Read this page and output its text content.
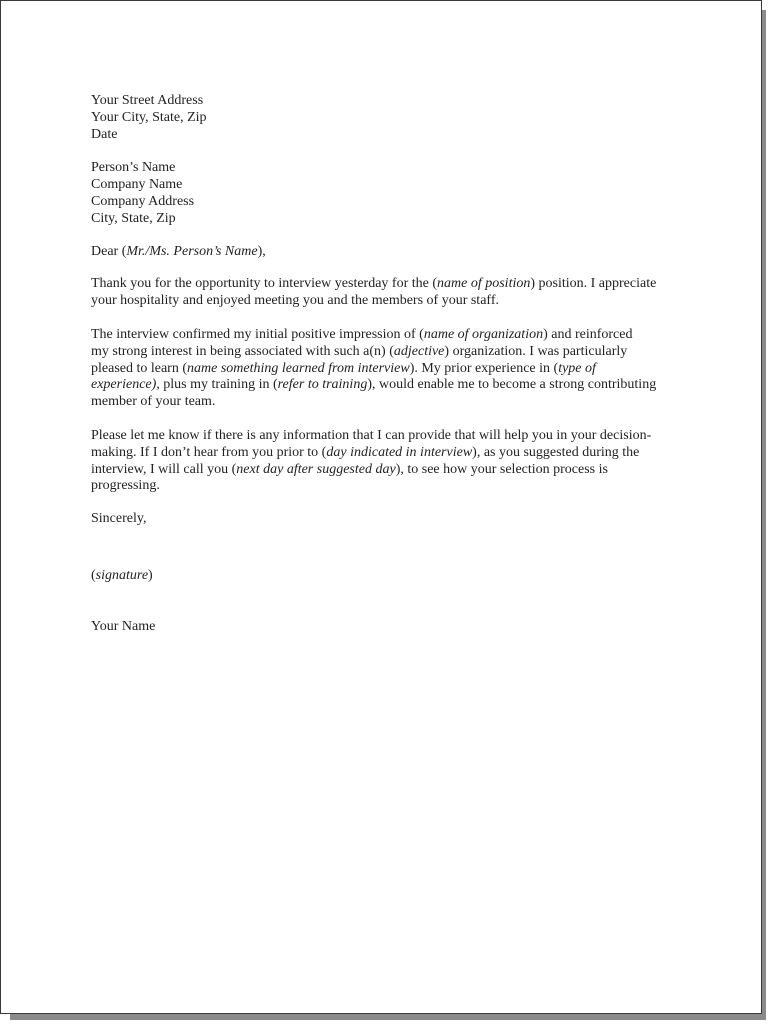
Your Street Address
Your City, State, Zip
Date
Person’s Name
Company Name
Company Address
City, State, Zip
Dear (Mr./Ms. Person’s Name),
Thank you for the opportunity to interview yesterday for the (name of position) position. I appreciate
your hospitality and enjoyed meeting you and the members of your staff.
The interview confirmed my initial positive impression of (name of organization) and reinforced
my strong interest in being associated with such a(n) (adjective) organization. I was particularly
pleased to learn (name something learned from interview). My prior experience in (type of
experience), plus my training in (refer to training), would enable me to become a strong contributing
member of your team.
Please let me know if there is any information that I can provide that will help you in your decision-
making. If I don’t hear from you prior to (day indicated in interview), as you suggested during the
interview, I will call you (next day after suggested day), to see how your selection process is
progressing.
Sincerely,
(signature)
Your Name
